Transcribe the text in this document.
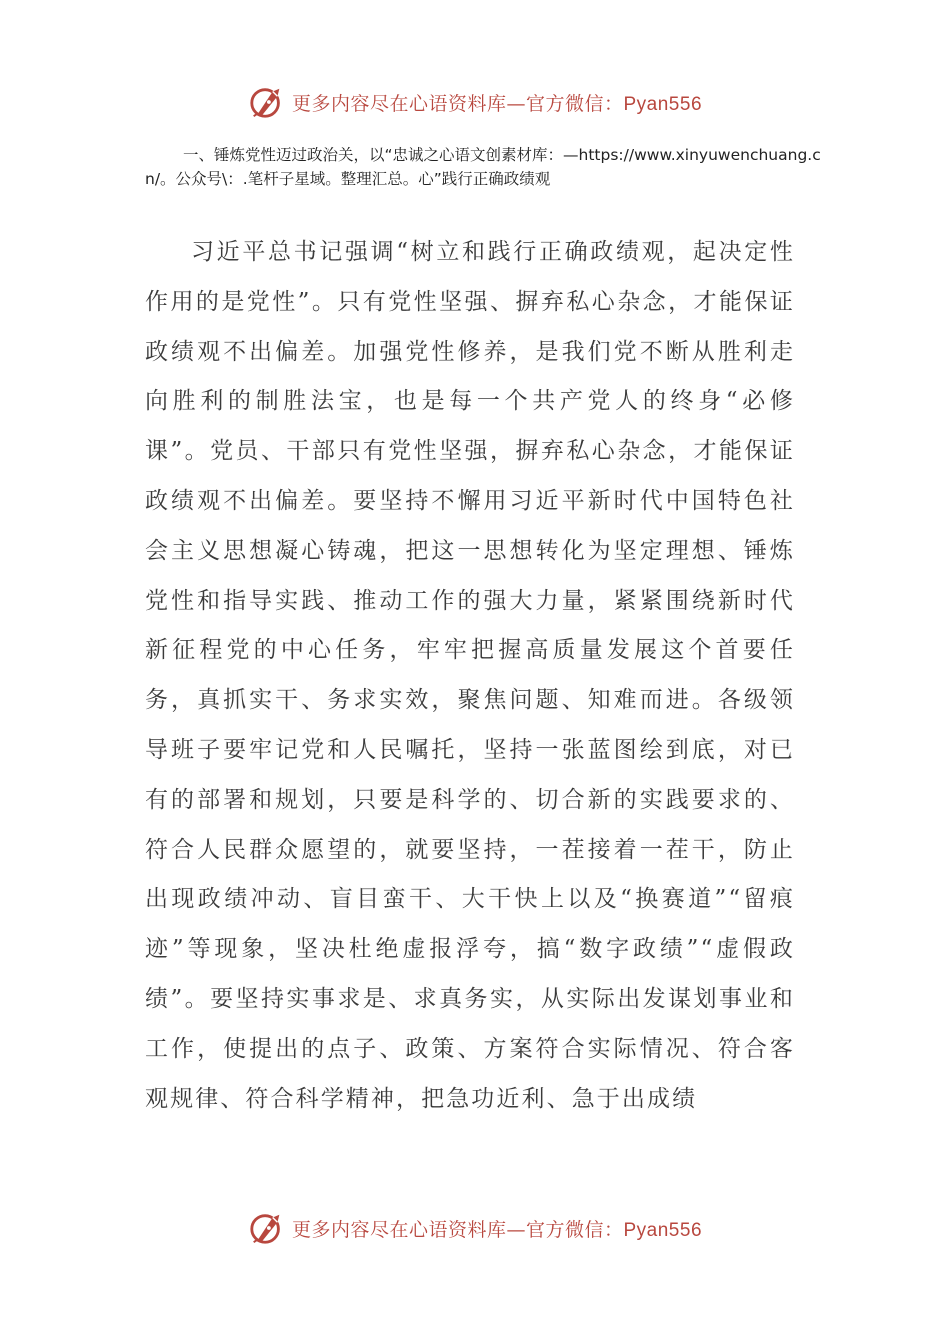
更多内容尽在心语资料库—官方微信：Pyan556

一、锤炼党性迈过政治关，以“忠诚之心语文创素材库：—https://www.xinyuwenchuang.cn/。公众号\：.笔杆子星域。整理汇总。心”践行正确政绩观

习近平总书记强调“树立和践行正确政绩观，起决定性作用的是党性”。只有党性坚强、摒弃私心杂念，才能保证政绩观不出偏差。加强党性修养，是我们党不断从胜利走向胜利的制胜法宝，也是每一个共产党人的终身“必修课”。党员、干部只有党性坚强，摒弃私心杂念，才能保证政绩观不出偏差。要坚持不懈用习近平新时代中国特色社会主义思想凝心铸魂，把这一思想转化为坚定理想、锤炼党性和指导实践、推动工作的强大力量，紧紧围绕新时代新征程党的中心任务，牢牢把握高质量发展这个首要任务，真抓实干、务求实效，聚焦问题、知难而进。各级领导班子要牢记党和人民嘱托，坚持一张蓝图绘到底，对已有的部署和规划，只要是科学的、切合新的实践要求的、符合人民群众愿望的，就要坚持，一茬接着一茬干，防止出现政绩冲动、盲目蛮干、大干快上以及“换赛道”“留痕迹”等现象，坚决杜绝虚报浮夸，搞“数字政绩”“虚假政绩”。要坚持实事求是、求真务实，从实际出发谋划事业和工作，使提出的点子、政策、方案符合实际情况、符合客观规律、符合科学精神，把急功近利、急于出成绩

更多内容尽在心语资料库—官方微信：Pyan556
